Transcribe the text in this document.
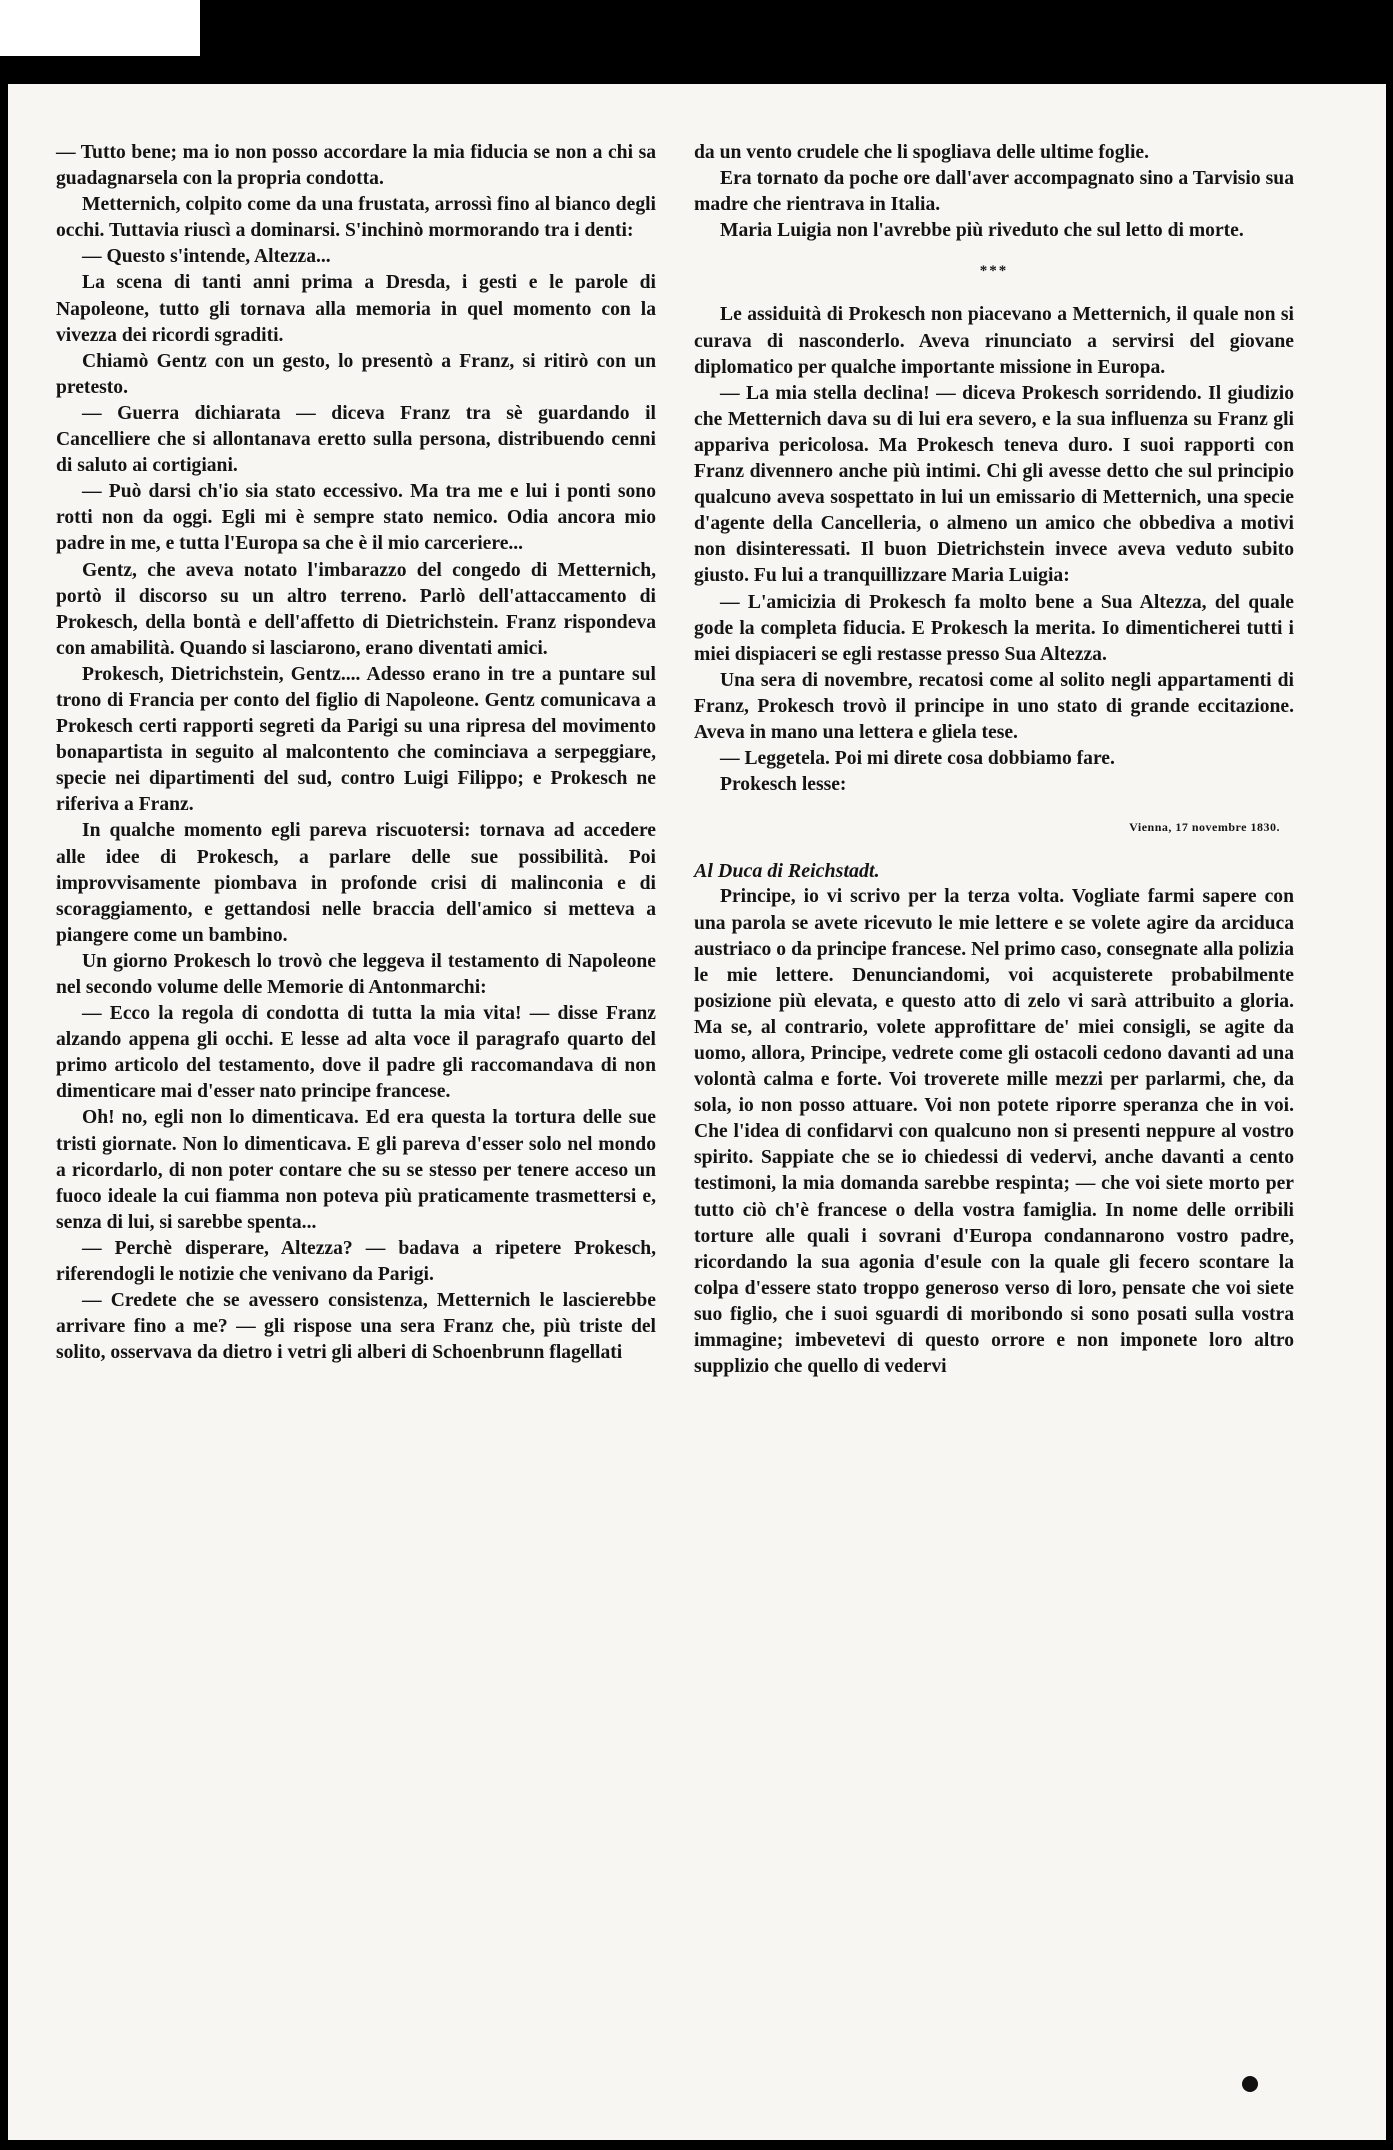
— Tutto bene; ma io non posso accordare la mia fiducia se non a chi sa guadagnarsela con la propria condotta.

Metternich, colpito come da una frustata, arrossì fino al bianco degli occhi. Tuttavia riuscì a dominarsi. S'inchinò mormorando tra i denti:

— Questo s'intende, Altezza...

La scena di tanti anni prima a Dresda, i gesti e le parole di Napoleone, tutto gli tornava alla memoria in quel momento con la vivezza dei ricordi sgraditi.

Chiamò Gentz con un gesto, lo presentò a Franz, si ritirò con un pretesto.

— Guerra dichiarata — diceva Franz tra sè guardando il Cancelliere che si allontanava eretto sulla persona, distribuendo cenni di saluto ai cortigiani.

— Può darsi ch'io sia stato eccessivo. Ma tra me e lui i ponti sono rotti non da oggi. Egli mi è sempre stato nemico. Odia ancora mio padre in me, e tutta l'Europa sa che è il mio carceriere...

Gentz, che aveva notato l'imbarazzo del congedo di Metternich, portò il discorso su un altro terreno. Parlò dell'attaccamento di Prokesch, della bontà e dell'affetto di Dietrichstein. Franz rispondeva con amabilità. Quando si lasciarono, erano diventati amici.

Prokesch, Dietrichstein, Gentz.... Adesso erano in tre a puntare sul trono di Francia per conto del figlio di Napoleone. Gentz comunicava a Prokesch certi rapporti segreti da Parigi su una ripresa del movimento bonapartista in seguito al malcontento che cominciava a serpeggiare, specie nei dipartimenti del sud, contro Luigi Filippo; e Prokesch ne riferiva a Franz.

In qualche momento egli pareva riscuotersi: tornava ad accedere alle idee di Prokesch, a parlare delle sue possibilità. Poi improvvisamente piombava in profonde crisi di malinconia e di scoraggiamento, e gettandosi nelle braccia dell'amico si metteva a piangere come un bambino.

Un giorno Prokesch lo trovò che leggeva il testamento di Napoleone nel secondo volume delle Memorie di Antonmarchi:

— Ecco la regola di condotta di tutta la mia vita! — disse Franz alzando appena gli occhi. E lesse ad alta voce il paragrafo quarto del primo articolo del testamento, dove il padre gli raccomandava di non dimenticare mai d'esser nato principe francese.

Oh! no, egli non lo dimenticava. Ed era questa la tortura delle sue tristi giornate. Non lo dimenticava. E gli pareva d'esser solo nel mondo a ricordarlo, di non poter contare che su se stesso per tenere acceso un fuoco ideale la cui fiamma non poteva più praticamente trasmettersi e, senza di lui, si sarebbe spenta...

— Perchè disperare, Altezza? — badava a ripetere Prokesch, riferendogli le notizie che venivano da Parigi.

— Credete che se avessero consistenza, Metternich le lascierebbe arrivare fino a me? — gli rispose una sera Franz che, più triste del solito, osservava da dietro i vetri gli alberi di Schoenbrunn flagellati

da un vento crudele che li spogliava delle ultime foglie.

Era tornato da poche ore dall'aver accompagnato sino a Tarvisio sua madre che rientrava in Italia.

Maria Luigia non l'avrebbe più riveduto che sul letto di morte.

***

Le assiduità di Prokesch non piacevano a Metternich, il quale non si curava di nasconderlo. Aveva rinunciato a servirsi del giovane diplomatico per qualche importante missione in Europa.

— La mia stella declina! — diceva Prokesch sorridendo. Il giudizio che Metternich dava su di lui era severo, e la sua influenza su Franz gli appariva pericolosa. Ma Prokesch teneva duro. I suoi rapporti con Franz divennero anche più intimi. Chi gli avesse detto che sul principio qualcuno aveva sospettato in lui un emissario di Metternich, una specie d'agente della Cancelleria, o almeno un amico che obbediva a motivi non disinteressati. Il buon Dietrichstein invece aveva veduto subito giusto. Fu lui a tranquillizzare Maria Luigia:

— L'amicizia di Prokesch fa molto bene a Sua Altezza, del quale gode la completa fiducia. E Prokesch la merita. Io dimenticherei tutti i miei dispiaceri se egli restasse presso Sua Altezza.

Una sera di novembre, recatosi come al solito negli appartamenti di Franz, Prokesch trovò il principe in uno stato di grande eccitazione. Aveva in mano una lettera e gliela tese.

— Leggetela. Poi mi direte cosa dobbiamo fare.

Prokesch lesse:

Vienna, 17 novembre 1830.

Al Duca di Reichstadt.

Principe, io vi scrivo per la terza volta. Vogliate farmi sapere con una parola se avete ricevuto le mie lettere e se volete agire da arciduca austriaco o da principe francese. Nel primo caso, consegnate alla polizia le mie lettere. Denunciandomi, voi acquisterete probabilmente posizione più elevata, e questo atto di zelo vi sarà attribuito a gloria. Ma se, al contrario, volete approfittare de' miei consigli, se agite da uomo, allora, Principe, vedrete come gli ostacoli cedono davanti ad una volontà calma e forte. Voi troverete mille mezzi per parlarmi, che, da sola, io non posso attuare. Voi non potete riporre speranza che in voi. Che l'idea di confidarvi con qualcuno non si presenti neppure al vostro spirito. Sappiate che se io chiedessi di vedervi, anche davanti a cento testimoni, la mia domanda sarebbe respinta; — che voi siete morto per tutto ciò ch'è francese o della vostra famiglia. In nome delle orribili torture alle quali i sovrani d'Europa condannarono vostro padre, ricordando la sua agonia d'esule con la quale gli fecero scontare la colpa d'essere stato troppo generoso verso di loro, pensate che voi siete suo figlio, che i suoi sguardi di moribondo si sono posati sulla vostra immagine; imbevetevi di questo orrore e non imponete loro altro supplizio che quello di vedervi
